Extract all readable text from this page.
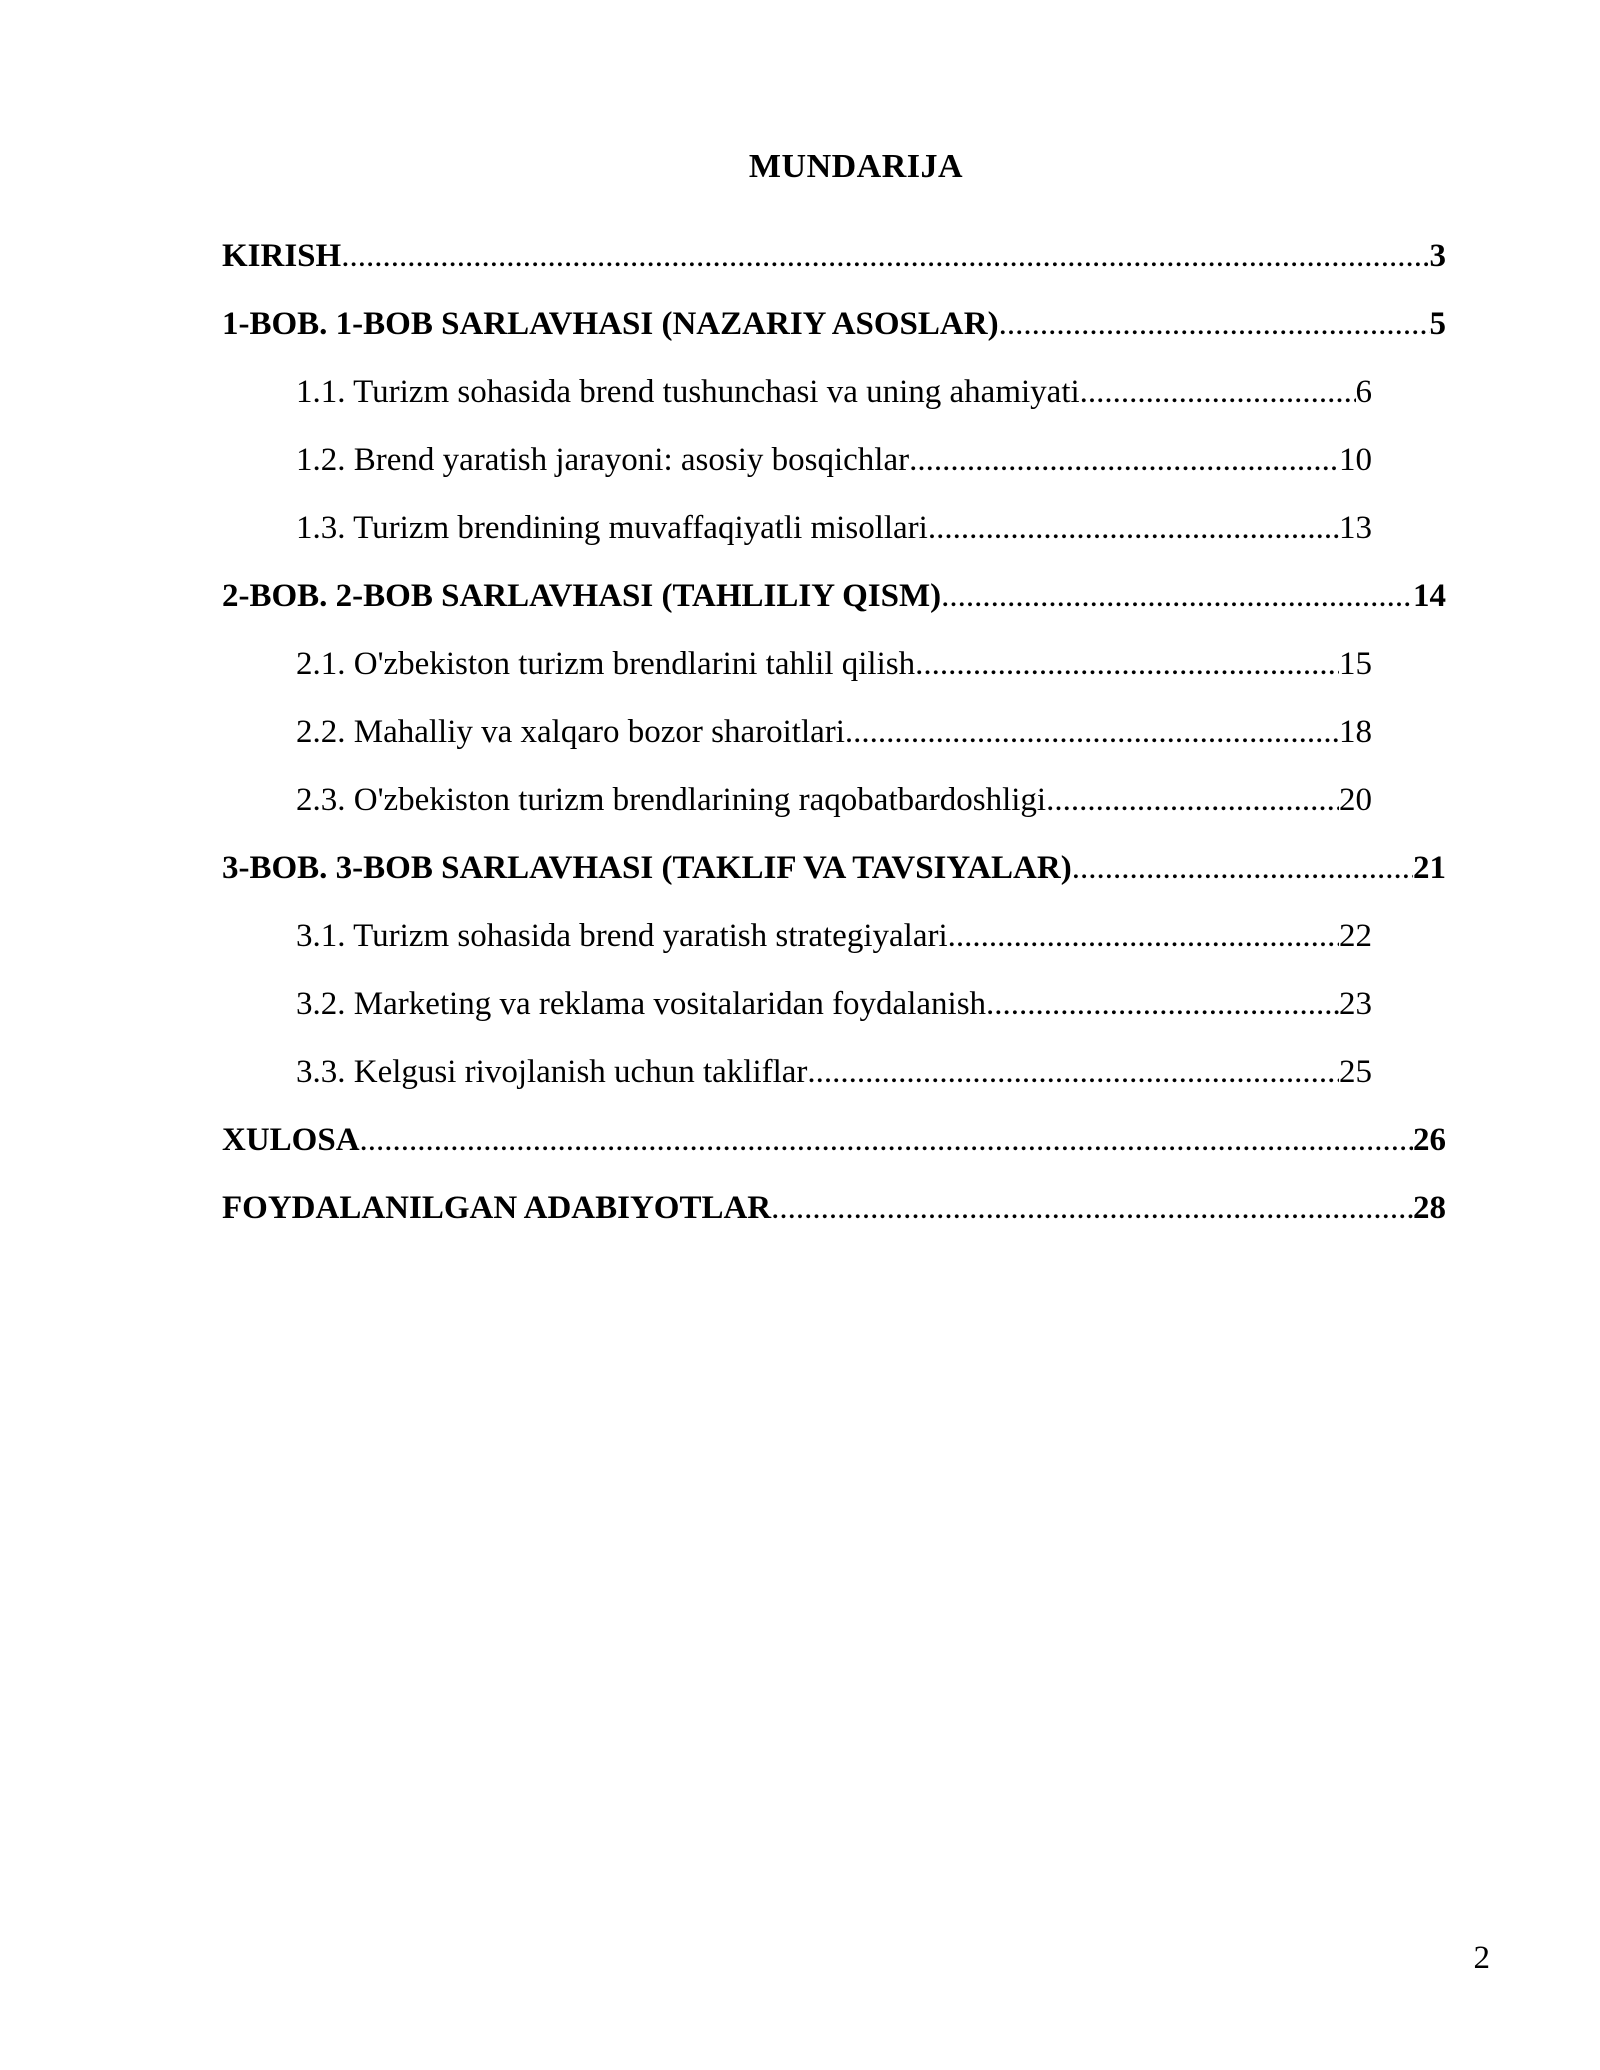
MUNDARIJA
KIRISH .....	3
1-BOB. 1-BOB SARLAVHASI (NAZARIY ASOSLAR) .....	5
1.1. Turizm sohasida brend tushunchasi va uning ahamiyati .....	6
1.2. Brend yaratish jarayoni: asosiy bosqichlar .....	10
1.3. Turizm brendining muvaffaqiyatli misollari .....	13
2-BOB. 2-BOB SARLAVHASI (TAHLILIY QISM) .....	14
2.1. O'zbekiston turizm brendlarini tahlil qilish .....	15
2.2. Mahalliy va xalqaro bozor sharoitlari .....	18
2.3. O'zbekiston turizm brendlarining raqobatbardoshligi .....	20
3-BOB. 3-BOB SARLAVHASI (TAKLIF VA TAVSIYALAR) .....	21
3.1. Turizm sohasida brend yaratish strategiyalari .....	22
3.2. Marketing va reklama vositalaridan foydalanish .....	23
3.3. Kelgusi rivojlanish uchun takliflar .....	25
XULOSA .....	26
FOYDALANILGAN ADABIYOTLAR .....	28
2
